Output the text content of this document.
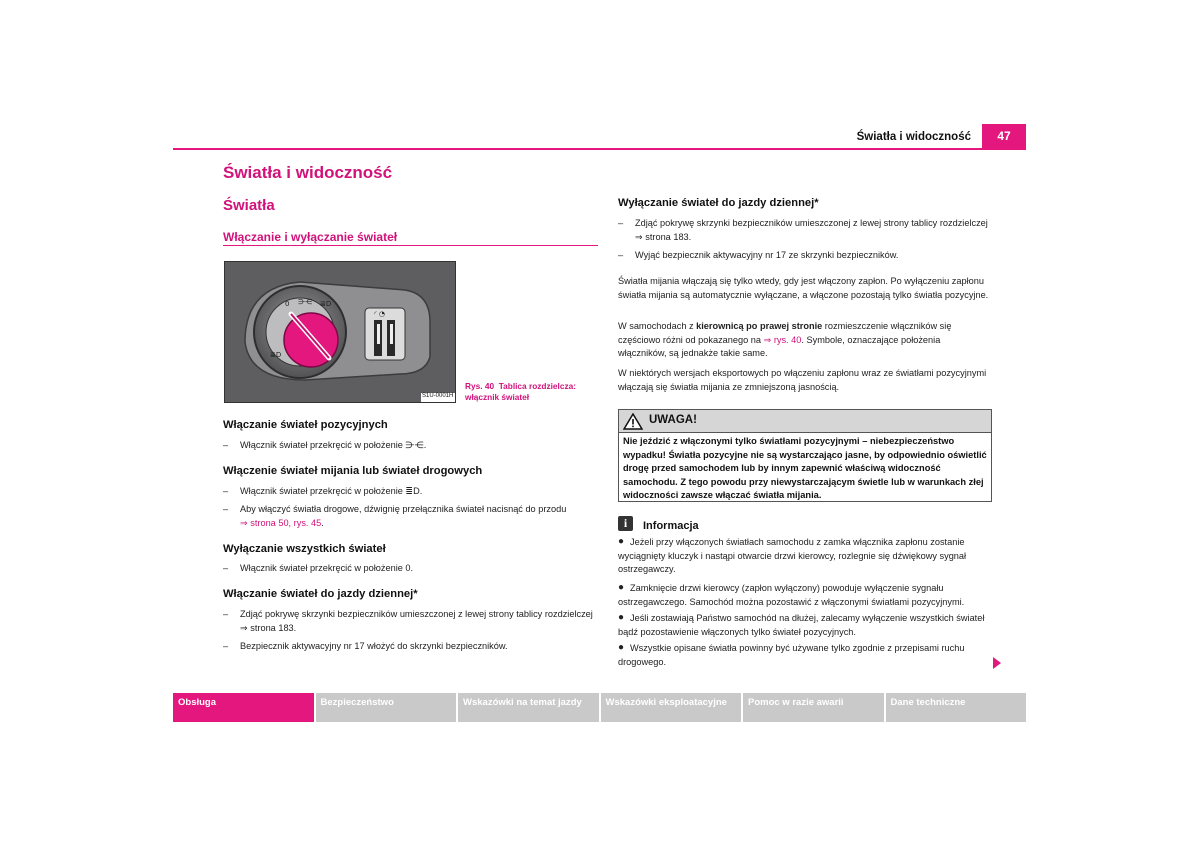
Światła i widoczność	47
Światła i widoczność
Światła
Włączanie i wyłączanie świateł
0 ⋺⋲ ≣D
≣D
◜ ◔
S1U-0001H
Rys. 40 Tablica rozdzielcza: włącznik świateł
Włączanie świateł pozycyjnych
–	Włącznik świateł przekręcić w położenie ⋺⋲.
Włączenie świateł mijania lub świateł drogowych
–	Włącznik świateł przekręcić w położenie ≣D.
–	Aby włączyć światła drogowe, dźwignię przełącznika świateł nacisnąć do przodu
⇒ strona 50, rys. 45.
Wyłączanie wszystkich świateł
–	Włącznik świateł przekręcić w położenie 0.
Włączanie świateł do jazdy dziennej*
–	Zdjąć pokrywę skrzynki bezpieczników umieszczonej z lewej strony tablicy rozdzielczej ⇒ strona 183.
–	Bezpiecznik aktywacyjny nr 17 włożyć do skrzynki bezpieczników.
Wyłączanie świateł do jazdy dziennej*
–	Zdjąć pokrywę skrzynki bezpieczników umieszczonej z lewej strony tablicy rozdzielczej ⇒ strona 183.
–	Wyjąć bezpiecznik aktywacyjny nr 17 ze skrzynki bezpieczników.
Światła mijania włączają się tylko wtedy, gdy jest włączony zapłon. Po wyłączeniu zapłonu światła mijania są automatycznie wyłączane, a włączone pozostają tylko światła pozycyjne.
W samochodach z kierownicą po prawej stronie rozmieszczenie włączników się częściowo różni od pokazanego na ⇒ rys. 40. Symbole, oznaczające położenia włączników, są jednakże takie same.
W niektórych wersjach eksportowych po włączeniu zapłonu wraz ze światłami pozycyjnymi włączają się światła mijania ze zmniejszoną jasnością.
UWAGA!
Nie jeździć z włączonymi tylko światłami pozycyjnymi – niebezpieczeństwo wypadku! Światła pozycyjne nie są wystarczająco jasne, by odpowiednio oświetlić drogę przed samochodem lub by innym zapewnić właściwą widoczność samochodu. Z tego powodu przy niewystarczającym świetle lub w warunkach złej widoczności zawsze włączać światła mijania.
i	Informacja
● Jeżeli przy włączonych światłach samochodu z zamka włącznika zapłonu zostanie wyciągnięty kluczyk i nastąpi otwarcie drzwi kierowcy, rozlegnie się dźwiękowy sygnał ostrzegawczy.
● Zamknięcie drzwi kierowcy (zapłon wyłączony) powoduje wyłączenie sygnału ostrzegawczego. Samochód można pozostawić z włączonymi światłami pozycyjnymi.
● Jeśli zostawiają Państwo samochód na dłużej, zalecamy wyłączenie wszystkich świateł bądź pozostawienie włączonych tylko świateł pozycyjnych.
● Wszystkie opisane światła powinny być używane tylko zgodnie z przepisami ruchu drogowego.
Obsługa	Bezpieczeństwo	Wskazówki na temat jazdy	Wskazówki eksploatacyjne	Pomoc w razie awarii	Dane techniczne
